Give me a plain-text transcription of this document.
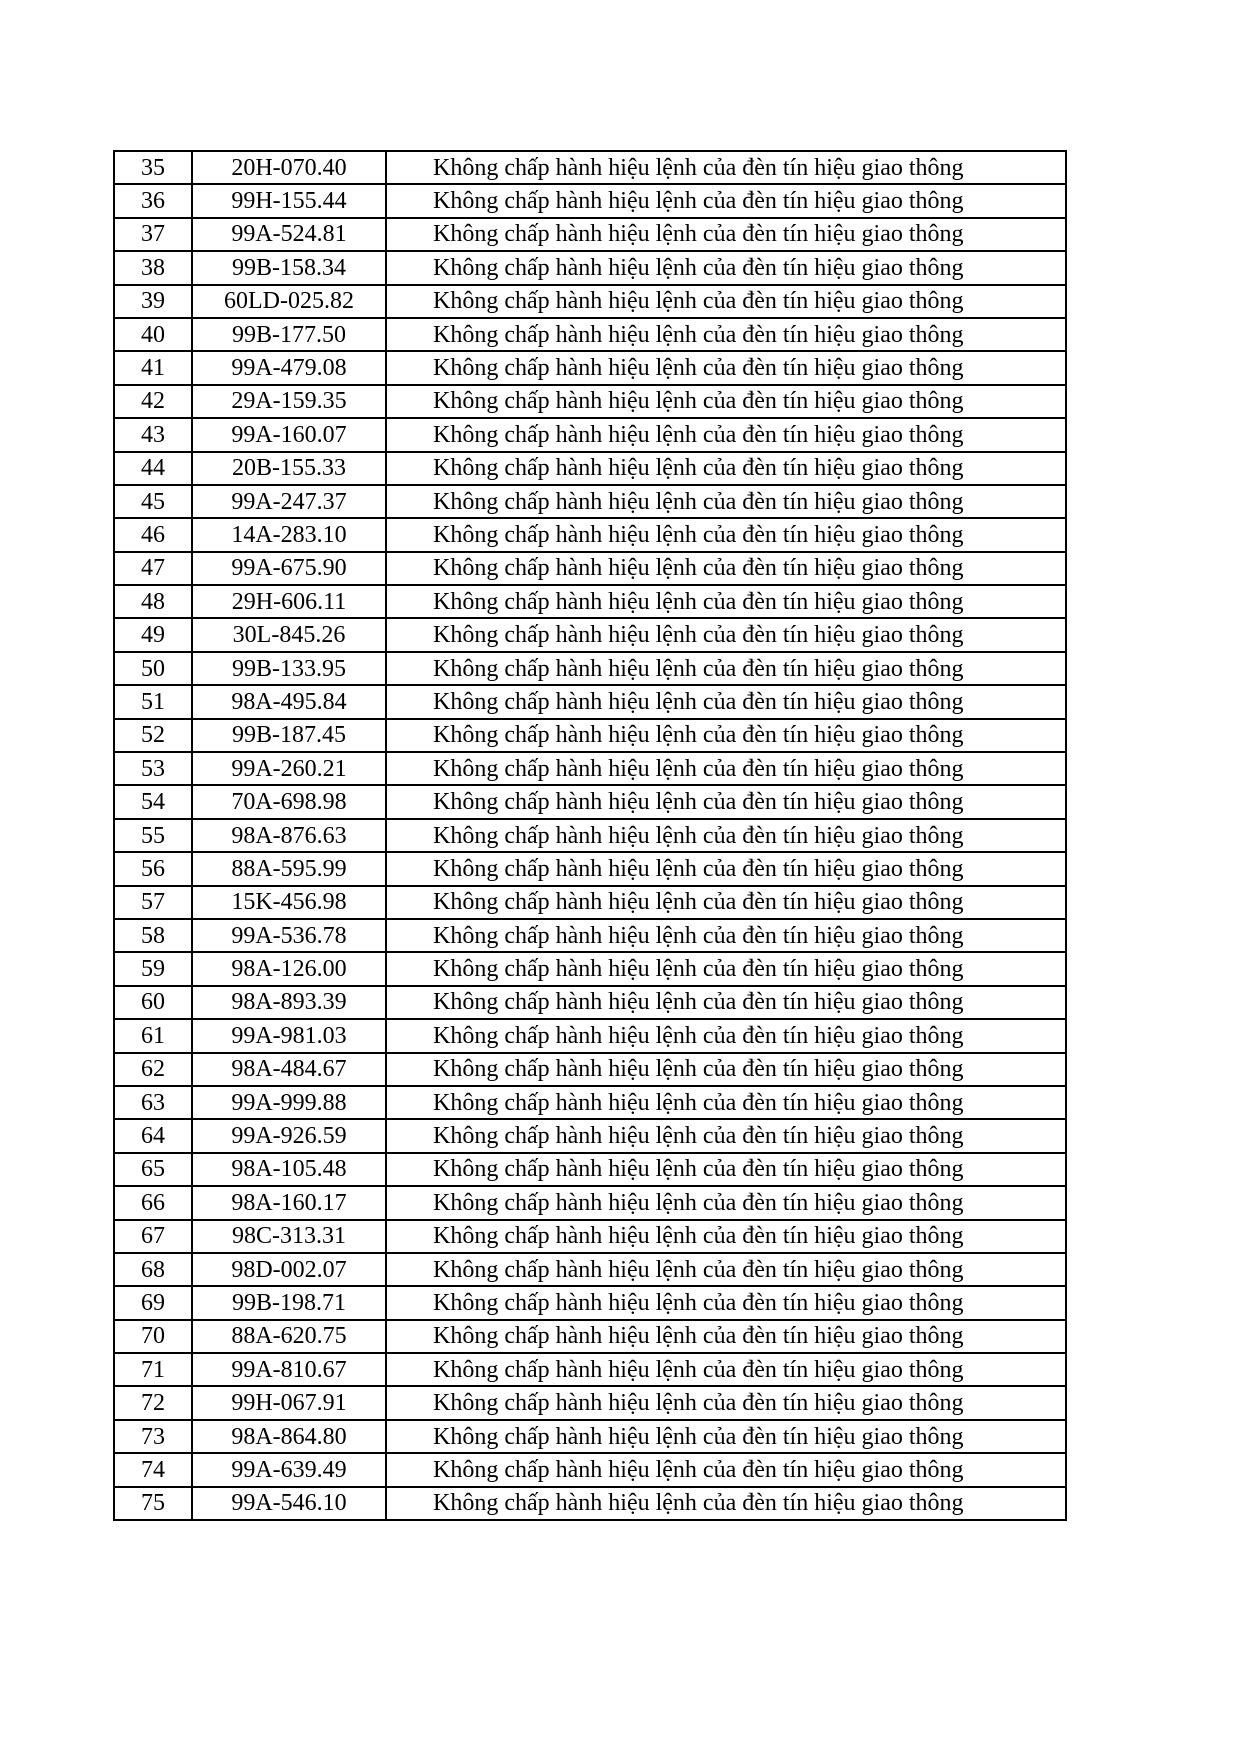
35	20H-070.40	Không chấp hành hiệu lệnh của đèn tín hiệu giao thông
36	99H-155.44	Không chấp hành hiệu lệnh của đèn tín hiệu giao thông
37	99A-524.81	Không chấp hành hiệu lệnh của đèn tín hiệu giao thông
38	99B-158.34	Không chấp hành hiệu lệnh của đèn tín hiệu giao thông
39	60LD-025.82	Không chấp hành hiệu lệnh của đèn tín hiệu giao thông
40	99B-177.50	Không chấp hành hiệu lệnh của đèn tín hiệu giao thông
41	99A-479.08	Không chấp hành hiệu lệnh của đèn tín hiệu giao thông
42	29A-159.35	Không chấp hành hiệu lệnh của đèn tín hiệu giao thông
43	99A-160.07	Không chấp hành hiệu lệnh của đèn tín hiệu giao thông
44	20B-155.33	Không chấp hành hiệu lệnh của đèn tín hiệu giao thông
45	99A-247.37	Không chấp hành hiệu lệnh của đèn tín hiệu giao thông
46	14A-283.10	Không chấp hành hiệu lệnh của đèn tín hiệu giao thông
47	99A-675.90	Không chấp hành hiệu lệnh của đèn tín hiệu giao thông
48	29H-606.11	Không chấp hành hiệu lệnh của đèn tín hiệu giao thông
49	30L-845.26	Không chấp hành hiệu lệnh của đèn tín hiệu giao thông
50	99B-133.95	Không chấp hành hiệu lệnh của đèn tín hiệu giao thông
51	98A-495.84	Không chấp hành hiệu lệnh của đèn tín hiệu giao thông
52	99B-187.45	Không chấp hành hiệu lệnh của đèn tín hiệu giao thông
53	99A-260.21	Không chấp hành hiệu lệnh của đèn tín hiệu giao thông
54	70A-698.98	Không chấp hành hiệu lệnh của đèn tín hiệu giao thông
55	98A-876.63	Không chấp hành hiệu lệnh của đèn tín hiệu giao thông
56	88A-595.99	Không chấp hành hiệu lệnh của đèn tín hiệu giao thông
57	15K-456.98	Không chấp hành hiệu lệnh của đèn tín hiệu giao thông
58	99A-536.78	Không chấp hành hiệu lệnh của đèn tín hiệu giao thông
59	98A-126.00	Không chấp hành hiệu lệnh của đèn tín hiệu giao thông
60	98A-893.39	Không chấp hành hiệu lệnh của đèn tín hiệu giao thông
61	99A-981.03	Không chấp hành hiệu lệnh của đèn tín hiệu giao thông
62	98A-484.67	Không chấp hành hiệu lệnh của đèn tín hiệu giao thông
63	99A-999.88	Không chấp hành hiệu lệnh của đèn tín hiệu giao thông
64	99A-926.59	Không chấp hành hiệu lệnh của đèn tín hiệu giao thông
65	98A-105.48	Không chấp hành hiệu lệnh của đèn tín hiệu giao thông
66	98A-160.17	Không chấp hành hiệu lệnh của đèn tín hiệu giao thông
67	98C-313.31	Không chấp hành hiệu lệnh của đèn tín hiệu giao thông
68	98D-002.07	Không chấp hành hiệu lệnh của đèn tín hiệu giao thông
69	99B-198.71	Không chấp hành hiệu lệnh của đèn tín hiệu giao thông
70	88A-620.75	Không chấp hành hiệu lệnh của đèn tín hiệu giao thông
71	99A-810.67	Không chấp hành hiệu lệnh của đèn tín hiệu giao thông
72	99H-067.91	Không chấp hành hiệu lệnh của đèn tín hiệu giao thông
73	98A-864.80	Không chấp hành hiệu lệnh của đèn tín hiệu giao thông
74	99A-639.49	Không chấp hành hiệu lệnh của đèn tín hiệu giao thông
75	99A-546.10	Không chấp hành hiệu lệnh của đèn tín hiệu giao thông
